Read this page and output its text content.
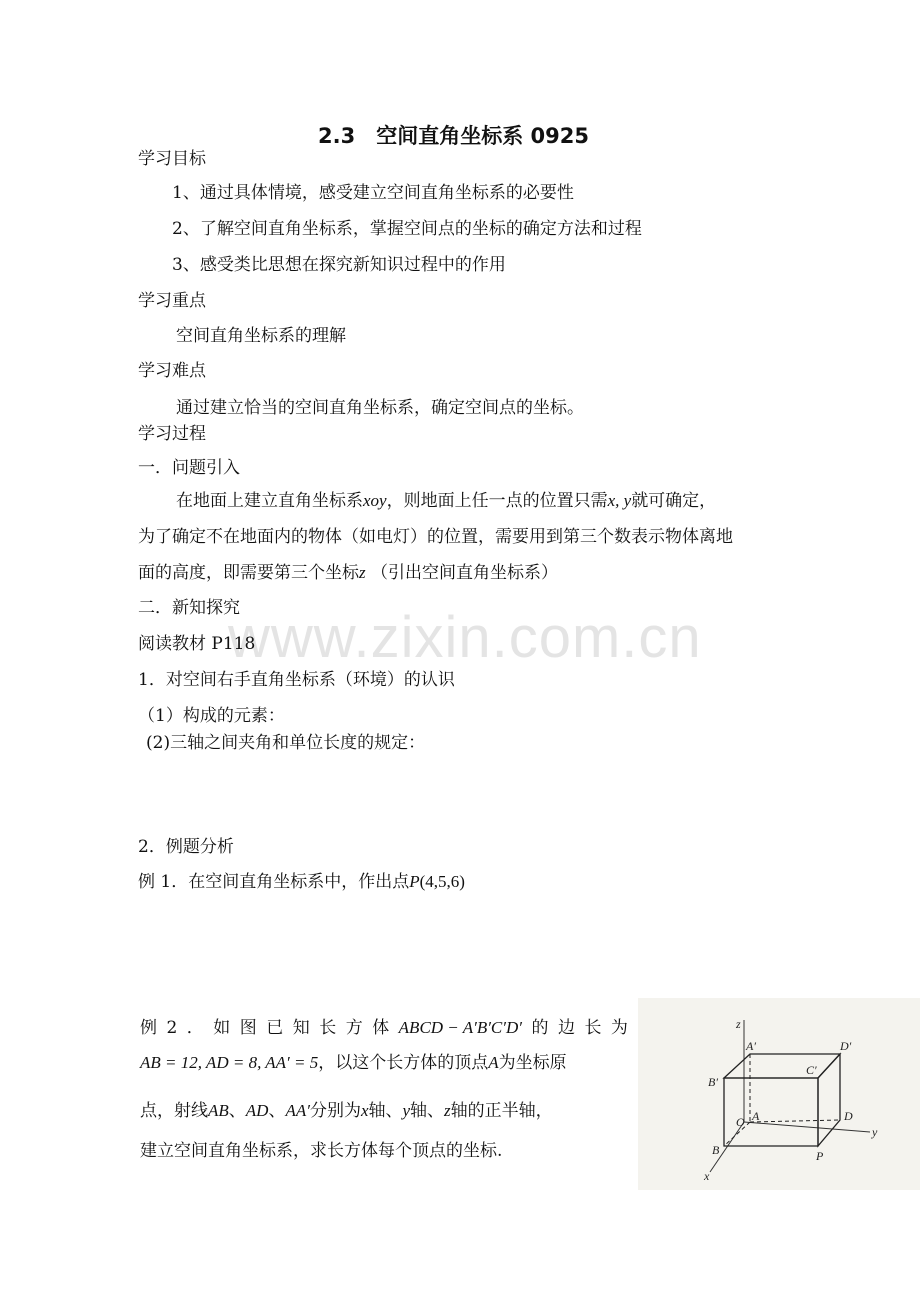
www.zixin.com.cn
2.3　空间直角坐标系 0925
学习目标
1、通过具体情境，感受建立空间直角坐标系的必要性
2、了解空间直角坐标系，掌握空间点的坐标的确定方法和过程
3、感受类比思想在探究新知识过程中的作用
学习重点
空间直角坐标系的理解
学习难点
通过建立恰当的空间直角坐标系，确定空间点的坐标。
学习过程
一．问题引入
在地面上建立直角坐标系xoy，则地面上任一点的位置只需x, y就可确定，
为了确定不在地面内的物体（如电灯）的位置，需要用到第三个数表示物体离地
面的高度，即需要第三个坐标z （引出空间直角坐标系）
二．新知探究
阅读教材 P118
1．对空间右手直角坐标系（环境）的认识
（1）构成的元素：
(2)三轴之间夹角和单位长度的规定：
2．例题分析
例 1．在空间直角坐标系中，作出点P(4,5,6)
例 2 ． 如 图 已 知 长 方 体 ABCD − A′B′C′D′ 的 边 长 为
AB = 12, AD = 8, AA′ = 5，以这个长方体的顶点A为坐标原
点，射线AB、AD、AA′分别为x轴、y轴、z轴的正半轴，
建立空间直角坐标系，求长方体每个顶点的坐标.
z
y
x
A′	D′
B′
C′
O A	D
B	P
